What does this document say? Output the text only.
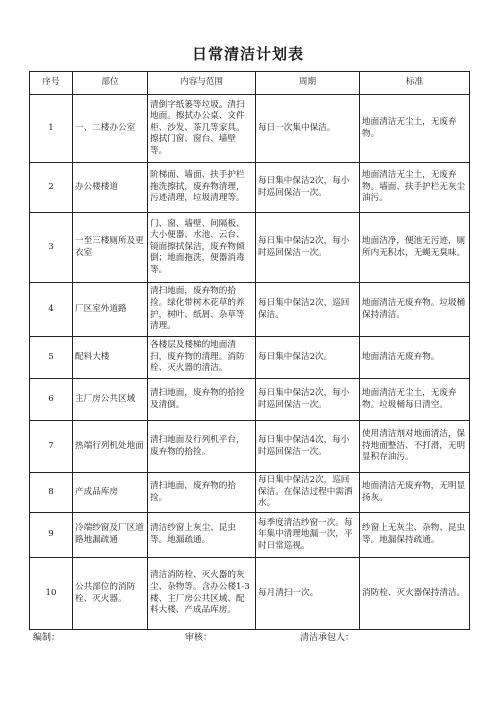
日常清洁计划表
序号	部位	内容与范围	周期	标准
1	一、二楼办公室	清倒字纸篓等垃圾。清扫地面。擦拭办公桌、文件柜、沙发、茶几等家具。擦拭门窗、窗台、墙壁等。	每日一次集中保洁。	地面清洁无尘土，无废弃物。
2	办公楼楼道	阶梯面、墙面、扶手护栏拖洗擦拭，废弃物清理，污迹清理，垃圾清理等。	每日集中保洁2次，每小时巡回保洁一次。	地面清洁无尘土，无废弃物。墙面、扶手护栏无灰尘油污。
3	一至三楼厕所及更衣室	门、窗、墙壁、间隔板、大小便器、水池、云台、镜面擦拭保洁，废弃物倾倒；地面拖洗，便器消毒等。	每日集中保洁2次，每小时巡回保洁一次。	地面洁净，便池无污迹，厕所内无积水，无蝇无臭味。
4	厂区室外道路	清扫地面，废弃物的拾捡。绿化带树木花草的养护，树叶、纸屑、杂草等清理。	每日集中保洁2次，巡回保洁。	地面清洁无废弃物。垃圾桶保持清洁。
5	配料大楼	各楼层及楼梯的地面清扫，废弃物的清理。消防栓、灭火器的清洁。	每日集中保洁2次。	地面清洁无废弃物。
6	主厂房公共区域	清扫地面，废弃物的拾捡及清倒。	每日集中保洁2次，每小时巡回保洁一次。	地面清洁无尘土，无废弃物。垃圾桶每日清空。
7	热端行列机处地面	清扫地面及行列机平台，废弃物的拾捡。	每日集中保洁4次，每小时巡回保洁一次。	使用清洁剂对地面清洁，保持地面整洁、不打滑，无明显积存油污。
8	产成品库房	清扫地面，废弃物的拾捡。	每日集中保洁2次，巡回保洁。在保洁过程中需洒水。	地面清洁无废弃物，无明显扬灰。
9	冷端纱窗及厂区道路地漏疏通	清洁纱窗上灰尘、昆虫等。地漏疏通。	每季度清洁纱窗一次。每年集中清理地漏一次，平时日常巡视。	纱窗上无灰尘、杂物、昆虫等。地漏保持疏通。
10	公共部位的消防栓、灭火器。	清洁消防栓、灭火器的灰尘、杂物等。含办公楼1-3楼、主厂房公共区域、配料大楼、产成品库房。	每月清扫一次。	消防栓、灭火器保持清洁。
编制：	审核：	清洁承包人：
